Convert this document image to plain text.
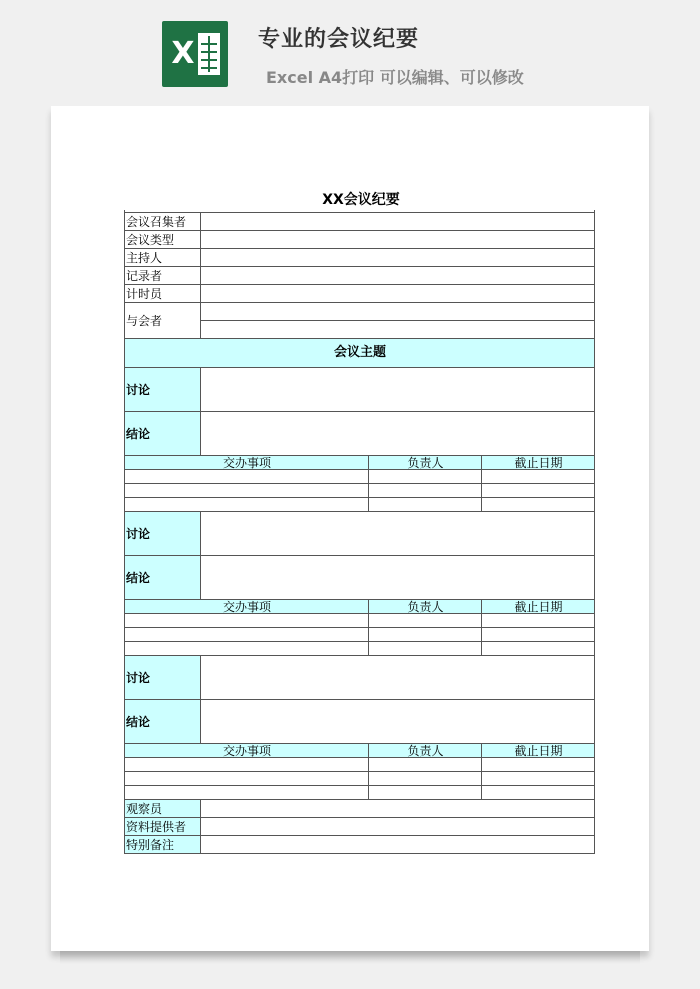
X	专业的会议纪要
Excel A4打印 可以编辑、可以修改
XX会议纪要

会议召集者			
会议类型			
主持人			
记录者			
计时员			
与会者			

会议主题			
讨论			
结论			
交办事项		负责人	截止日期

讨论			
结论			
交办事项		负责人	截止日期

讨论			
结论			
交办事项		负责人	截止日期

观察员			
资料提供者			
特别备注			
